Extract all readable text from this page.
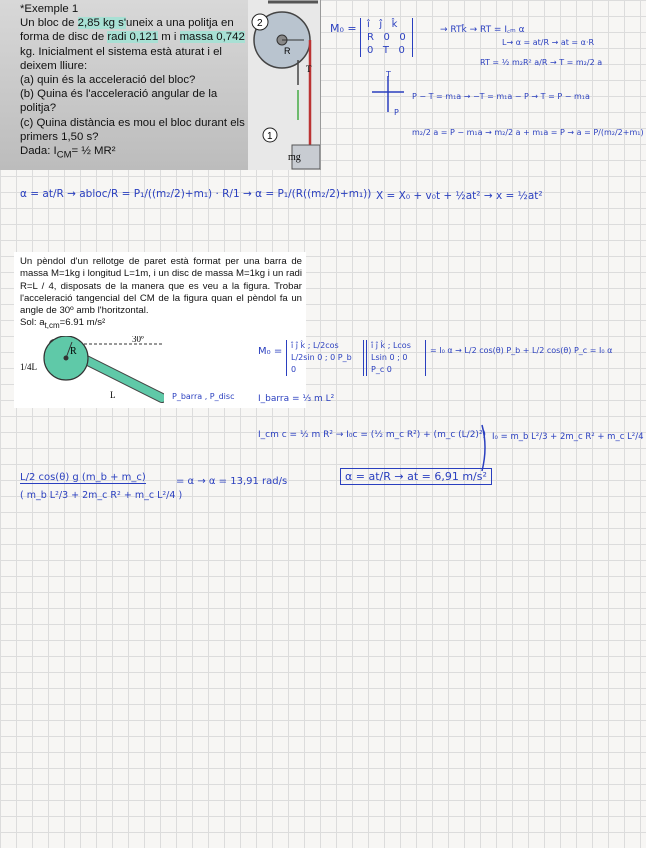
*Exemple 1

Un bloc de 2,85 kg s'uneix a una politja en forma de disc de radi 0,121 m i massa 0,742 kg. Inicialment el sistema està aturat i el deixem lliure:

(a) quin és la acceleració del bloc?

(b) Quina és l'acceleració angular de la politja?

(c) Quina distància es mou el bloc durant els primers 1,50 s?

Dada: $I_{CM}=$ ½ MR²

R
2
T
1
mg
M₀ =	î   ĵ   k̂
R   0   0
0   T   0
→ RTk̂ → RT = I꜀ₘ α
L→ α = at/R → at = α·R
RT = ½ m₂R² a/R → T = m₂/2 a
T
P
P − T = m₁a → −T = m₁a − P → T = P − m₁a
m₂/2 a = P − m₁a → m₂/2 a + m₁a = P → a = P/(m₂/2+m₁)
α = at/R → abloc/R = P₁/((m₂/2)+m₁) · R/1 → α = P₁/(R((m₂/2)+m₁)) X = X₀ + v₀t + ½at² → x = ½at²

Un pèndol d'un rellotge de paret està format per una barra de massa M=1kg i longitud L=1m, i un disc de massa M=1kg i un radi R=L / 4, disposats de la manera que es veu a la figura. Trobar l'acceleració tangencial del CM de la figura quan el pèndol fa un angle de 30º amb l'horitzontal.

Sol: $a_{t,cm}=6.91$ m/s²

R
30º
1/4L
L
M₀ =
î ĵ k̂ ; L/2cos L/2sin 0 ; 0 P_b 0
î ĵ k̂ ; Lcos Lsin 0 ; 0 P_c 0
= I₀ α → L/2 cos(θ) P_b + L/2 cos(θ) P_c = I₀ α
P_barra , P_disc	I_barra = ⅓ m L²
I_cm c = ½ m R² → I₀c = (½ m_c R²) + (m_c (L/2)²) I₀ = m_b L²/3 + 2m_c R² + m_c L²/4
L/2 cos(θ) g (m_b + m_c)
( m_b L²/3 + 2m_c R² + m_c L²/4 )
= α → α = 13,91 rad/s	α = at/R → at = 6,91 m/s²
